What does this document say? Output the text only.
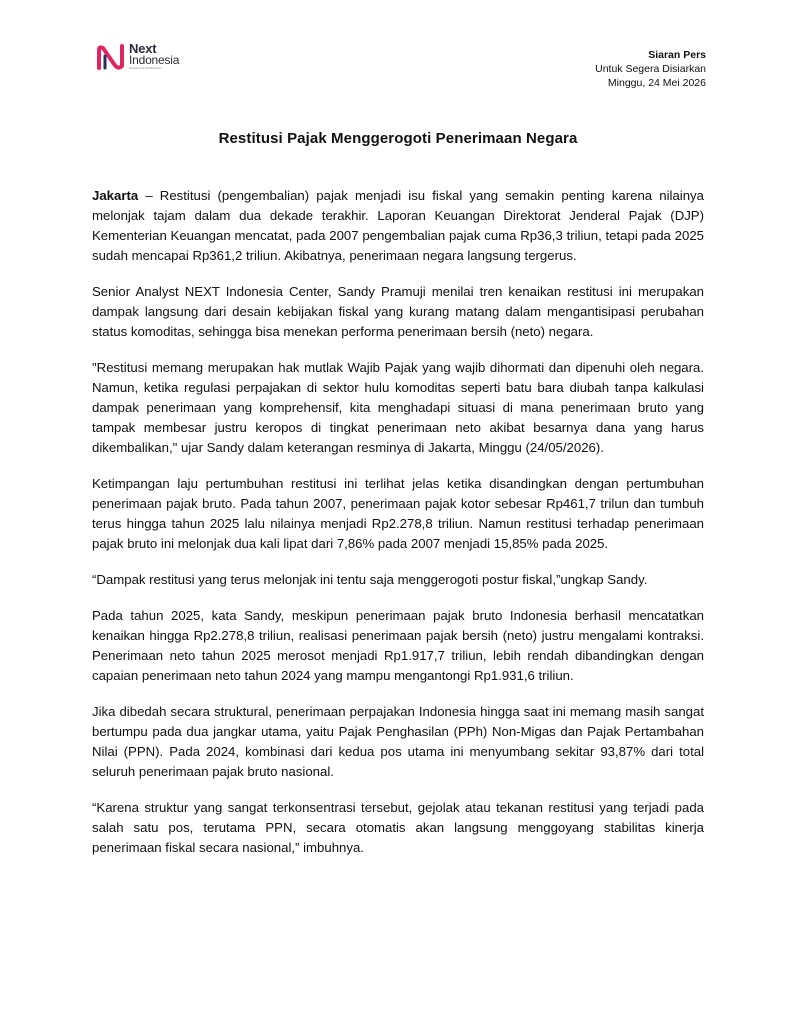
Next
Indonesia
Research & Publications
Siaran Pers
Untuk Segera Disiarkan
Minggu, 24 Mei 2026
Restitusi Pajak Menggerogoti Penerimaan Negara

Jakarta – Restitusi (pengembalian) pajak menjadi isu fiskal yang semakin penting karena nilainya melonjak tajam dalam dua dekade terakhir. Laporan Keuangan Direktorat Jenderal Pajak (DJP) Kementerian Keuangan mencatat, pada 2007 pengembalian pajak cuma Rp36,3 triliun, tetapi pada 2025 sudah mencapai Rp361,2 triliun. Akibatnya, penerimaan negara langsung tergerus.

Senior Analyst NEXT Indonesia Center, Sandy Pramuji menilai tren kenaikan restitusi ini merupakan dampak langsung dari desain kebijakan fiskal yang kurang matang dalam mengantisipasi perubahan status komoditas, sehingga bisa menekan performa penerimaan bersih (neto) negara.

"Restitusi memang merupakan hak mutlak Wajib Pajak yang wajib dihormati dan dipenuhi oleh negara. Namun, ketika regulasi perpajakan di sektor hulu komoditas seperti batu bara diubah tanpa kalkulasi dampak penerimaan yang komprehensif, kita menghadapi situasi di mana penerimaan bruto yang tampak membesar justru keropos di tingkat penerimaan neto akibat besarnya dana yang harus dikembalikan," ujar Sandy dalam keterangan resminya di Jakarta, Minggu (24/05/2026).

Ketimpangan laju pertumbuhan restitusi ini terlihat jelas ketika disandingkan dengan pertumbuhan penerimaan pajak bruto. Pada tahun 2007, penerimaan pajak kotor sebesar Rp461,7 trilun dan tumbuh terus hingga tahun 2025 lalu nilainya menjadi Rp2.278,8 triliun. Namun restitusi terhadap penerimaan pajak bruto ini melonjak dua kali lipat dari 7,86% pada 2007 menjadi 15,85% pada 2025.

“Dampak restitusi yang terus melonjak ini tentu saja menggerogoti postur fiskal,”ungkap Sandy.

Pada tahun 2025, kata Sandy, meskipun penerimaan pajak bruto Indonesia berhasil mencatatkan kenaikan hingga Rp2.278,8 triliun, realisasi penerimaan pajak bersih (neto) justru mengalami kontraksi. Penerimaan neto tahun 2025 merosot menjadi Rp1.917,7 triliun, lebih rendah dibandingkan dengan capaian penerimaan neto tahun 2024 yang mampu mengantongi Rp1.931,6 triliun.

Jika dibedah secara struktural, penerimaan perpajakan Indonesia hingga saat ini memang masih sangat bertumpu pada dua jangkar utama, yaitu Pajak Penghasilan (PPh) Non-Migas dan Pajak Pertambahan Nilai (PPN). Pada 2024, kombinasi dari kedua pos utama ini menyumbang sekitar 93,87% dari total seluruh penerimaan pajak bruto nasional.

“Karena struktur yang sangat terkonsentrasi tersebut, gejolak atau tekanan restitusi yang terjadi pada salah satu pos, terutama PPN, secara otomatis akan langsung menggoyang stabilitas kinerja penerimaan fiskal secara nasional,” imbuhnya.
